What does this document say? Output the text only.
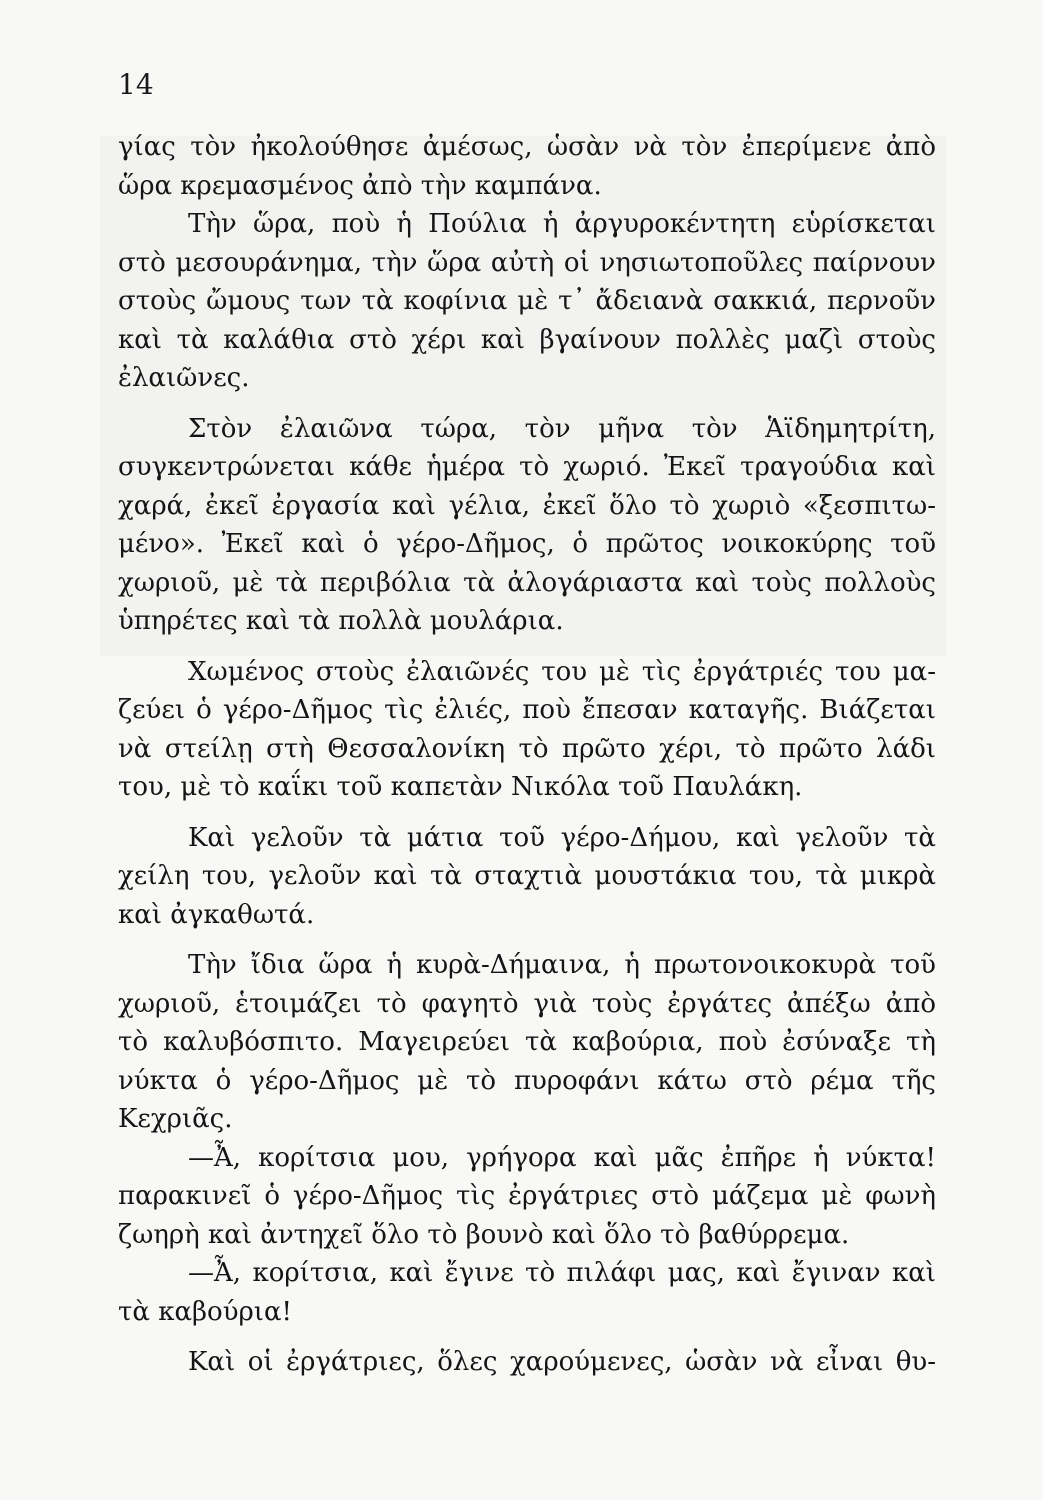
14
γίας τὸν ἠκολούθησε ἀμέσως, ὡσὰν νὰ τὸν ἐπερίμενε ἀπὸ
ὥρα κρεμασμένος ἀπὸ τὴν καμπάνα.
Τὴν ὥρα, ποὺ ἡ Πούλια ἡ ἀργυροκέντητη εὑρίσκεται
στὸ μεσουράνημα, τὴν ὥρα αὐτὴ οἱ νησιωτοποῦλες παίρνουν
στοὺς ὤμους των τὰ κοφίνια μὲ τ᾿ ἄδειανὰ σακκιά, περνοῦν
καὶ τὰ καλάθια στὸ χέρι καὶ βγαίνουν πολλὲς μαζὶ στοὺς
ἐλαιῶνες.
Στὸν ἐλαιῶνα τώρα, τὸν μῆνα τὸν Ἁϊδημητρίτη,
συγκεντρώνεται κάθε ἡμέρα τὸ χωριό. Ἐκεῖ τραγούδια καὶ
χαρά, ἐκεῖ ἐργασία καὶ γέλια, ἐκεῖ ὅλο τὸ χωριὸ «ξεσπιτω-
μένο». Ἐκεῖ καὶ ὁ γέρο-Δῆμος, ὁ πρῶτος νοικοκύρης τοῦ
χωριοῦ, μὲ τὰ περιβόλια τὰ ἀλογάριαστα καὶ τοὺς πολλοὺς
ὑπηρέτες καὶ τὰ πολλὰ μουλάρια.
Χωμένος στοὺς ἐλαιῶνές του μὲ τὶς ἐργάτριές του μα-
ζεύει ὁ γέρο-Δῆμος τὶς ἐλιές, ποὺ ἔπεσαν καταγῆς. Βιάζεται
νὰ στείλῃ στὴ Θεσσαλονίκη τὸ πρῶτο χέρι, τὸ πρῶτο λάδι
του, μὲ τὸ καΐκι τοῦ καπετὰν Νικόλα τοῦ Παυλάκη.
Καὶ γελοῦν τὰ μάτια τοῦ γέρο-Δήμου, καὶ γελοῦν τὰ
χείλη του, γελοῦν καὶ τὰ σταχτιὰ μουστάκια του, τὰ μικρὰ
καὶ ἀγκαθωτά.
Τὴν ἴδια ὥρα ἡ κυρὰ-Δήμαινα, ἡ πρωτονοικοκυρὰ τοῦ
χωριοῦ, ἑτοιμάζει τὸ φαγητὸ γιὰ τοὺς ἐργάτες ἀπέξω ἀπὸ
τὸ καλυβόσπιτο. Μαγειρεύει τὰ καβούρια, ποὺ ἐσύναξε τὴ
νύκτα ὁ γέρο-Δῆμος μὲ τὸ πυροφάνι κάτω στὸ ρέμα τῆς
Κεχριᾶς.
—Ἆ, κορίτσια μου, γρήγορα καὶ μᾶς ἐπῆρε ἡ νύκτα!
παρακινεῖ ὁ γέρο-Δῆμος τὶς ἐργάτριες στὸ μάζεμα μὲ φωνὴ
ζωηρὴ καὶ ἀντηχεῖ ὅλο τὸ βουνὸ καὶ ὅλο τὸ βαθύρρεμα.
—Ἆ, κορίτσια, καὶ ἔγινε τὸ πιλάφι μας, καὶ ἔγιναν καὶ
τὰ καβούρια!
Καὶ οἱ ἐργάτριες, ὅλες χαρούμενες, ὡσὰν νὰ εἶναι θυ-
